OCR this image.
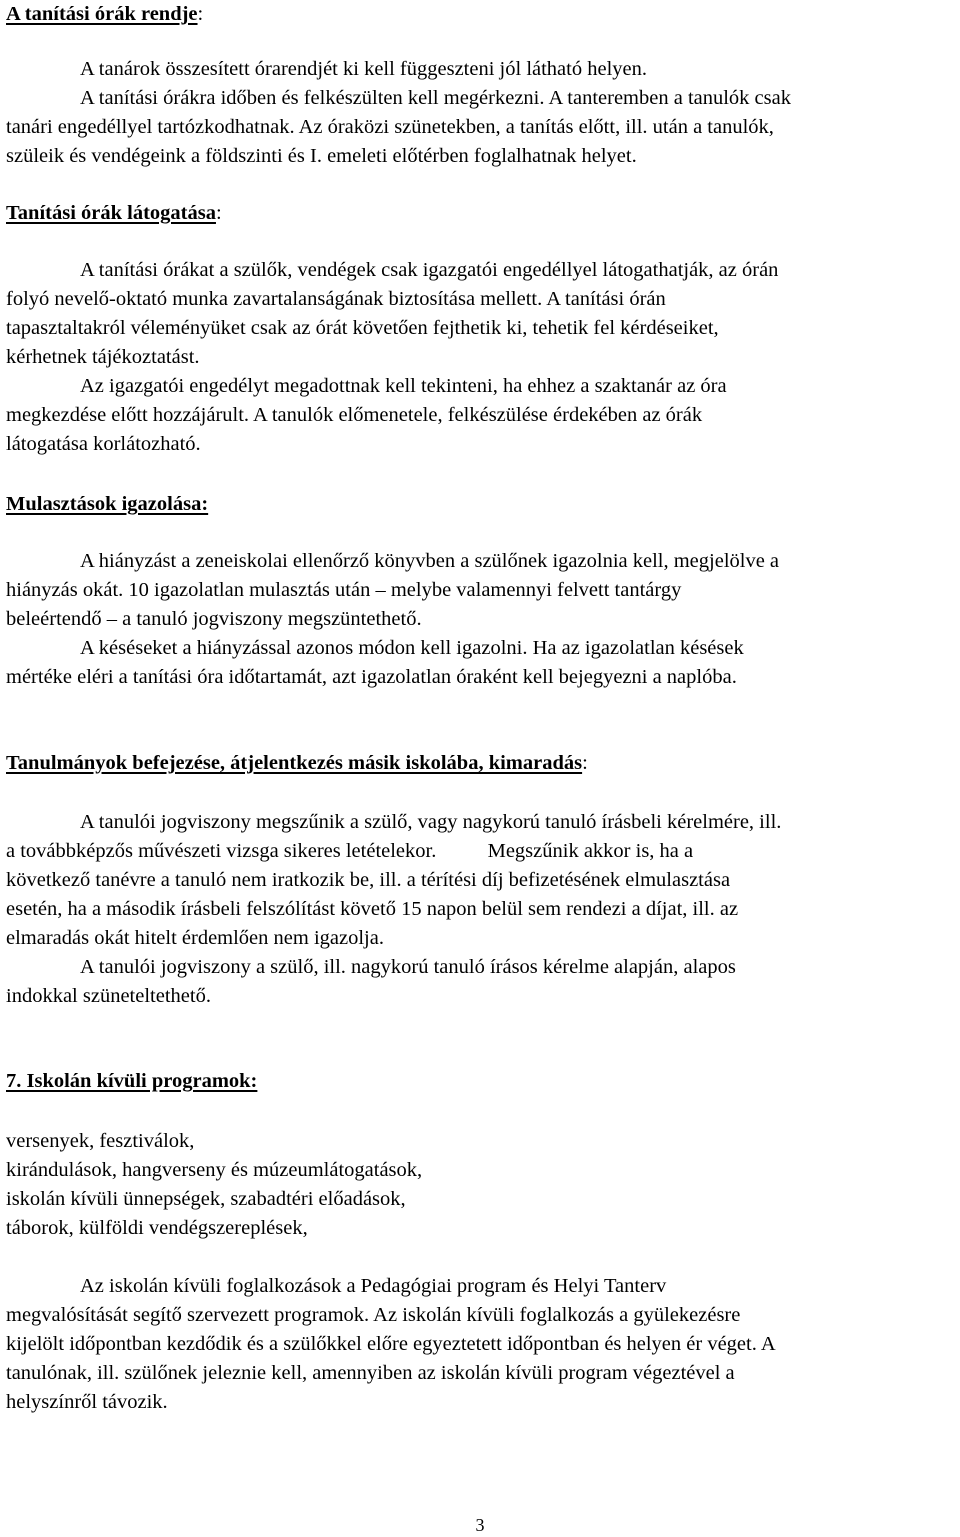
A tanítási órák rendje:
A tanárok összesített órarendjét ki kell függeszteni jól látható helyen.
A tanítási órákra időben és felkészülten kell megérkezni. A tanteremben a tanulók csak
tanári engedéllyel tartózkodhatnak. Az óraközi szünetekben, a tanítás előtt, ill. után a tanulók,
szüleik és vendégeink a földszinti és I. emeleti előtérben foglalhatnak helyet.
Tanítási órák látogatása:
A tanítási órákat a szülők, vendégek csak igazgatói engedéllyel látogathatják, az órán
folyó nevelő-oktató munka zavartalanságának biztosítása mellett. A tanítási órán
tapasztaltakról véleményüket csak az órát követően fejthetik ki, tehetik fel kérdéseiket,
kérhetnek tájékoztatást.
Az igazgatói engedélyt megadottnak kell tekinteni, ha ehhez a szaktanár az óra
megkezdése előtt hozzájárult. A tanulók előmenetele, felkészülése érdekében az órák
látogatása korlátozható.
Mulasztások igazolása:
A hiányzást a zeneiskolai ellenőrző könyvben a szülőnek igazolnia kell, megjelölve a
hiányzás okát. 10 igazolatlan mulasztás után – melybe valamennyi felvett tantárgy
beleértendő – a tanuló jogviszony megszüntethető.
A késéseket a hiányzással azonos módon kell igazolni. Ha az igazolatlan késések
mértéke eléri a tanítási óra időtartamát, azt igazolatlan óraként kell bejegyezni a naplóba.
Tanulmányok befejezése, átjelentkezés másik iskolába, kimaradás:
A tanulói jogviszony megszűnik a szülő, vagy nagykorú tanuló írásbeli kérelmére, ill.
a továbbképzős művészeti vizsga sikeres letételekor.          Megszűnik akkor is, ha a
következő tanévre a tanuló nem iratkozik be, ill. a térítési díj befizetésének elmulasztása
esetén, ha a második írásbeli felszólítást követő 15 napon belül sem rendezi a díjat, ill. az
elmaradás okát hitelt érdemlően nem igazolja.
A tanulói jogviszony a szülő, ill. nagykorú tanuló írásos kérelme alapján, alapos
indokkal szüneteltethető.
7. Iskolán kívüli programok:
versenyek, fesztiválok,
kirándulások, hangverseny és múzeumlátogatások,
iskolán kívüli ünnepségek, szabadtéri előadások,
táborok, külföldi vendégszereplések,
Az iskolán kívüli foglalkozások a Pedagógiai program és Helyi Tanterv
megvalósítását segítő szervezett programok. Az iskolán kívüli foglalkozás a gyülekezésre
kijelölt időpontban kezdődik és a szülőkkel előre egyeztetett időpontban és helyen ér véget. A
tanulónak, ill. szülőnek jeleznie kell, amennyiben az iskolán kívüli program végeztével a
helyszínről távozik.
3
